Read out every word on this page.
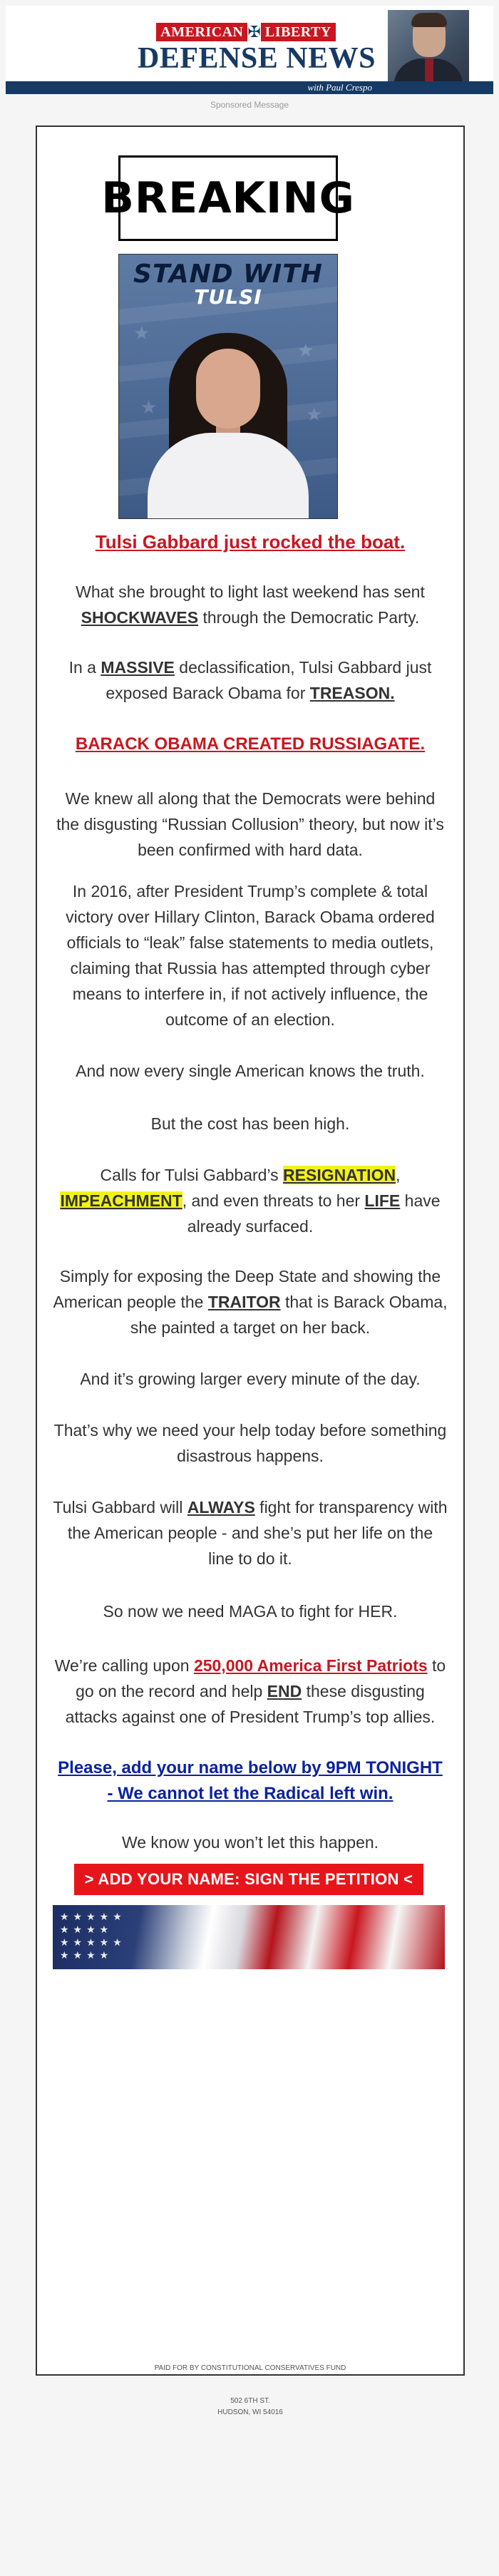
AMERICAN ✠ LIBERTY
DEFENSE NEWS
with Paul Crespo
Sponsored Message
BREAKING
★
★
★	★
STAND WITH
TULSI
Tulsi Gabbard just rocked the boat.
What she brought to light last weekend has sent SHOCKWAVES through the Democratic Party.
In a MASSIVE declassification, Tulsi Gabbard just exposed Barack Obama for TREASON.
BARACK OBAMA CREATED RUSSIAGATE.
We knew all along that the Democrats were behind the disgusting “Russian Collusion” theory, but now it’s been confirmed with hard data.
In 2016, after President Trump’s complete & total victory over Hillary Clinton, Barack Obama ordered officials to “leak” false statements to media outlets, claiming that Russia has attempted through cyber means to interfere in, if not actively influence, the outcome of an election.
And now every single American knows the truth.
But the cost has been high.
Calls for Tulsi Gabbard’s RESIGNATION,
IMPEACHMENT, and even threats to her LIFE have already surfaced.
Simply for exposing the Deep State and showing the American people the TRAITOR that is Barack Obama, she painted a target on her back.
And it’s growing larger every minute of the day.
That’s why we need your help today before something disastrous happens.
Tulsi Gabbard will ALWAYS fight for transparency with the American people - and she’s put her life on the line to do it.
So now we need MAGA to fight for HER.
We’re calling upon 250,000 America First Patriots to go on the record and help END these disgusting attacks against one of President Trump’s top allies.
Please, add your name below by 9PM TONIGHT - We cannot let the Radical left win.
We know you won’t let this happen.
> ADD YOUR NAME: SIGN THE PETITION <
★★★★★
★★★★
★★★★★
★★★★
PAID FOR BY CONSTITUTIONAL CONSERVATIVES FUND
502 6TH ST.
HUDSON, WI 54016
